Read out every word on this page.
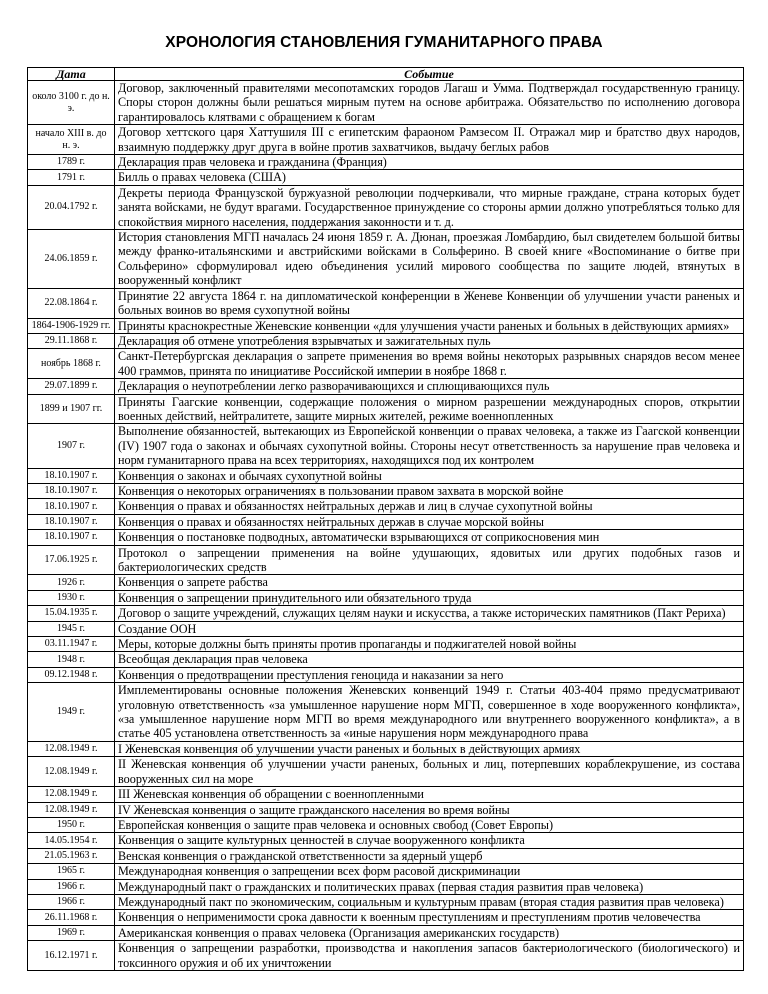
ХРОНОЛОГИЯ СТАНОВЛЕНИЯ ГУМАНИТАРНОГО ПРАВА
Дата	Событие
около 3100 г. до н. э.	Договор, заключенный правителями месопотамских городов Лагаш и Умма. Подтверждал государственную границу. Споры сторон должны были решаться мирным путем на основе арбитража. Обязательство по исполнению договора гарантировалось клятвами с обращением к богам
начало XIII в. до н. э.	Договор хеттского царя Хаттушиля III с египетским фараоном Рамзесом II. Отражал мир и братство двух народов, взаимную поддержку друг друга в войне против захватчиков, выдачу беглых рабов
1789 г.	Декларация прав человека и гражданина (Франция)
1791 г.	Билль о правах человека (США)
20.04.1792 г.	Декреты периода Французской буржуазной революции подчеркивали, что мирные граждане, страна которых будет занята войсками, не будут врагами. Государственное принуждение со стороны армии должно употребляться только для спокойствия мирного населения, поддержания законности и т. д.
24.06.1859 г.	История становления МГП началась 24 июня 1859 г. А. Дюнан, проезжая Ломбардию, был свидетелем большой битвы между франко-итальянскими и австрийскими войсками в Сольферино. В своей книге «Воспоминание о битве при Сольферино» сформулировал идею объединения усилий мирового сообщества по защите людей, втянутых в вооруженный конфликт
22.08.1864 г.	Принятие 22 августа 1864 г. на дипломатической конференции в Женеве Конвенции об улучшении участи раненых и больных воинов во время сухопутной войны
1864-1906-1929 гг.	Приняты краснокрестные Женевские конвенции «для улучшения участи раненых и больных в действующих армиях»
29.11.1868 г.	Декларация об отмене употребления взрывчатых и зажигательных пуль
ноябрь 1868 г.	Санкт-Петербургская декларация о запрете применения во время войны некоторых разрывных снарядов весом менее 400 граммов, принята по инициативе Российской империи в ноябре 1868 г.
29.07.1899 г.	Декларация о неупотреблении легко разворачивающихся и сплющивающихся пуль
1899 и 1907 гг.	Приняты Гаагские конвенции, содержащие положения о мирном разрешении международных споров, открытии военных действий, нейтралитете, защите мирных жителей, режиме военнопленных
1907 г.	Выполнение обязанностей, вытекающих из Европейской конвенции о правах человека, а также из Гаагской конвенции (IV) 1907 года о законах и обычаях сухопутной войны. Стороны несут ответственность за нарушение прав человека и норм гуманитарного права на всех территориях, находящихся под их контролем
18.10.1907 г.	Конвенция о законах и обычаях сухопутной войны
18.10.1907 г.	Конвенция о некоторых ограничениях в пользовании правом захвата в морской войне
18.10.1907 г.	Конвенция о правах и обязанностях нейтральных держав и лиц в случае сухопутной войны
18.10.1907 г.	Конвенция о правах и обязанностях нейтральных держав в случае морской войны
18.10.1907 г.	Конвенция о постановке подводных, автоматически взрывающихся от соприкосновения мин
17.06.1925 г.	Протокол о запрещении применения на войне удушающих, ядовитых или других подобных газов и бактериологических средств
1926 г.	Конвенция о запрете рабства
1930 г.	Конвенция о запрещении принудительного или обязательного труда
15.04.1935 г.	Договор о защите учреждений, служащих целям науки и искусства, а также исторических памятников (Пакт Рериха)
1945 г.	Создание ООН
03.11.1947 г.	Меры, которые должны быть приняты против пропаганды и поджигателей новой войны
1948 г.	Всеобщая декларация прав человека
09.12.1948 г.	Конвенция о предотвращении преступления геноцида и наказании за него
1949 г.	Имплементированы основные положения Женевских конвенций 1949 г. Статьи 403-404 прямо предусматривают уголовную ответственность «за умышленное нарушение норм МГП, совершенное в ходе вооруженного конфликта», «за умышленное нарушение норм МГП во время международного или внутреннего вооруженного конфликта», а в статье 405 установлена ответственность за «иные нарушения норм международного права
12.08.1949 г.	I Женевская конвенция об улучшении участи раненых и больных в действующих армиях
12.08.1949 г.	II Женевская конвенция об улучшении участи раненых, больных и лиц, потерпевших кораблекрушение, из состава вооруженных сил на море
12.08.1949 г.	III Женевская конвенция об обращении с военнопленными
12.08.1949 г.	IV Женевская конвенция о защите гражданского населения во время войны
1950 г.	Европейская конвенция о защите прав человека и основных свобод (Совет Европы)
14.05.1954 г.	Конвенция о защите культурных ценностей в случае вооруженного конфликта
21.05.1963 г.	Венская конвенция о гражданской ответственности за ядерный ущерб
1965 г.	Международная конвенция о запрещении всех форм расовой дискриминации
1966 г.	Международный пакт о гражданских и политических правах (первая стадия развития прав человека)
1966 г.	Международный пакт по экономическим, социальным и культурным правам (вторая стадия развития прав человека)
26.11.1968 г.	Конвенция о неприменимости срока давности к военным преступлениям и преступлениям против человечества
1969 г.	Американская конвенция о правах человека (Организация американских государств)
16.12.1971 г.	Конвенция о запрещении разработки, производства и накопления запасов бактериологического (биологического) и токсинного оружия и об их уничтожении
